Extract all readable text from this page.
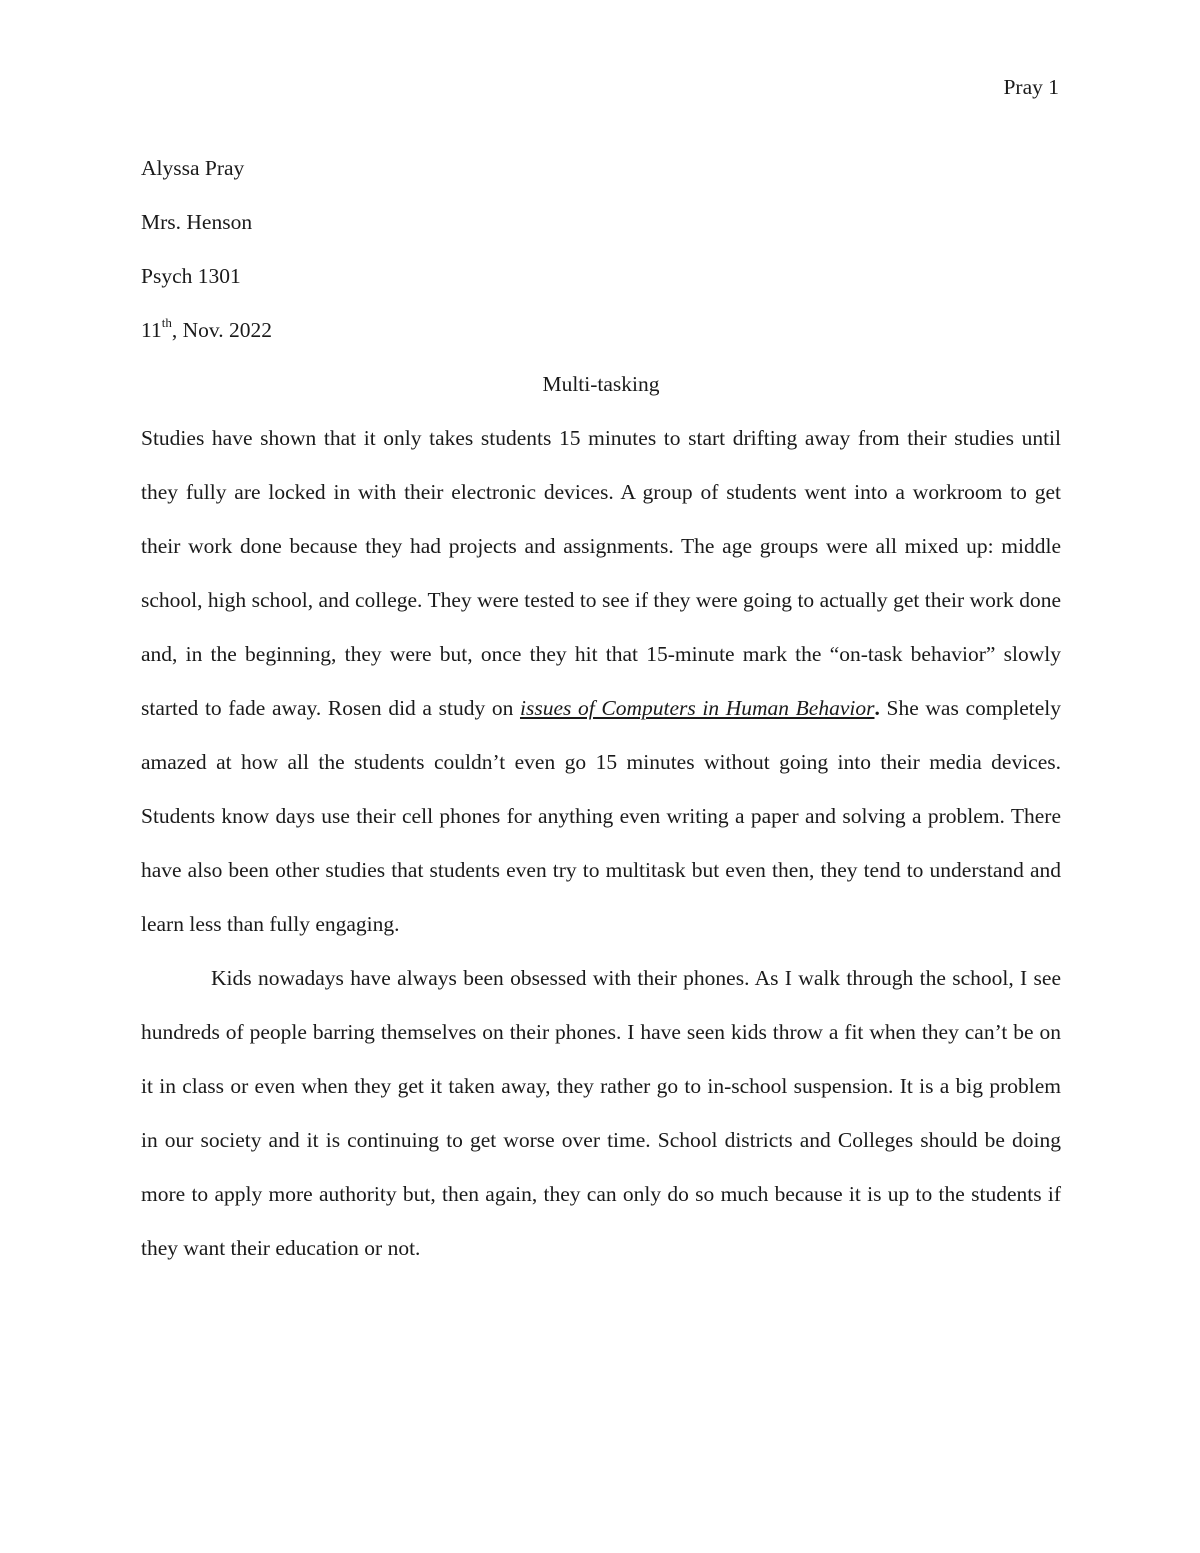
Pray 1

Alyssa Pray

Mrs. Henson

Psych 1301

11th, Nov. 2022

Multi-tasking

Studies have shown that it only takes students 15 minutes to start drifting away from their studies until they fully are locked in with their electronic devices. A group of students went into a workroom to get their work done because they had projects and assignments. The age groups were all mixed up: middle school, high school, and college. They were tested to see if they were going to actually get their work done and, in the beginning, they were but, once they hit that 15-minute mark the “on-task behavior” slowly started to fade away. Rosen did a study on issues of Computers in Human Behavior. She was completely amazed at how all the students couldn’t even go 15 minutes without going into their media devices. Students know days use their cell phones for anything even writing a paper and solving a problem. There have also been other studies that students even try to multitask but even then, they tend to understand and learn less than fully engaging.

Kids nowadays have always been obsessed with their phones. As I walk through the school, I see hundreds of people barring themselves on their phones. I have seen kids throw a fit when they can’t be on it in class or even when they get it taken away, they rather go to in-school suspension. It is a big problem in our society and it is continuing to get worse over time. School districts and Colleges should be doing more to apply more authority but, then again, they can only do so much because it is up to the students if they want their education or not.
